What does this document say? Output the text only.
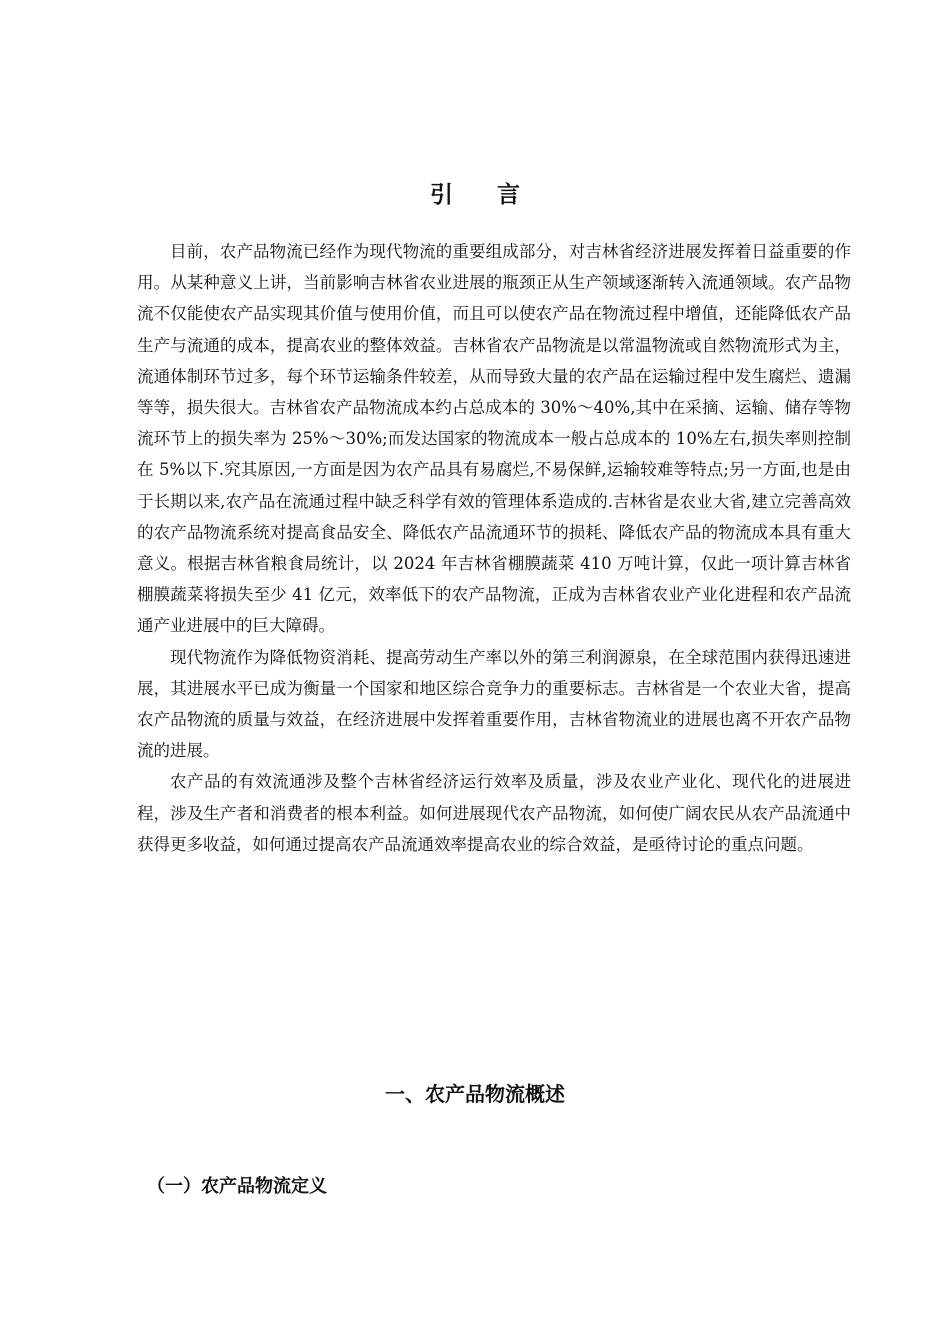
引 言

目前，农产品物流已经作为现代物流的重要组成部分，对吉林省经济进展发挥着日益重要的作用。从某种意义上讲，当前影响吉林省农业进展的瓶颈正从生产领域逐渐转入流通领域。农产品物流不仅能使农产品实现其价值与使用价值，而且可以使农产品在物流过程中增值，还能降低农产品生产与流通的成本，提高农业的整体效益。吉林省农产品物流是以常温物流或自然物流形式为主，流通体制环节过多，每个环节运输条件较差，从而导致大量的农产品在运输过程中发生腐烂、遗漏等等，损失很大。吉林省农产品物流成本约占总成本的 30%～40%,其中在采摘、运输、储存等物流环节上的损失率为 25%～30%;而发达国家的物流成本一般占总成本的 10%左右,损失率则控制在 5%以下.究其原因,一方面是因为农产品具有易腐烂,不易保鲜,运输较难等特点;另一方面,也是由于长期以来,农产品在流通过程中缺乏科学有效的管理体系造成的.吉林省是农业大省,建立完善高效的农产品物流系统对提高食品安全、降低农产品流通环节的损耗、降低农产品的物流成本具有重大意义。根据吉林省粮食局统计，以 2024 年吉林省棚膜蔬菜 410 万吨计算，仅此一项计算吉林省棚膜蔬菜将损失至少 41 亿元，效率低下的农产品物流，正成为吉林省农业产业化进程和农产品流通产业进展中的巨大障碍。

现代物流作为降低物资消耗、提高劳动生产率以外的第三利润源泉，在全球范围内获得迅速进展，其进展水平已成为衡量一个国家和地区综合竞争力的重要标志。吉林省是一个农业大省，提高农产品物流的质量与效益，在经济进展中发挥着重要作用，吉林省物流业的进展也离不开农产品物流的进展。

农产品的有效流通涉及整个吉林省经济运行效率及质量，涉及农业产业化、现代化的进展进程，涉及生产者和消费者的根本利益。如何进展现代农产品物流，如何使广阔农民从农产品流通中获得更多收益，如何通过提高农产品流通效率提高农业的综合效益，是亟待讨论的重点问题。

一、农产品物流概述
（一）农产品物流定义
